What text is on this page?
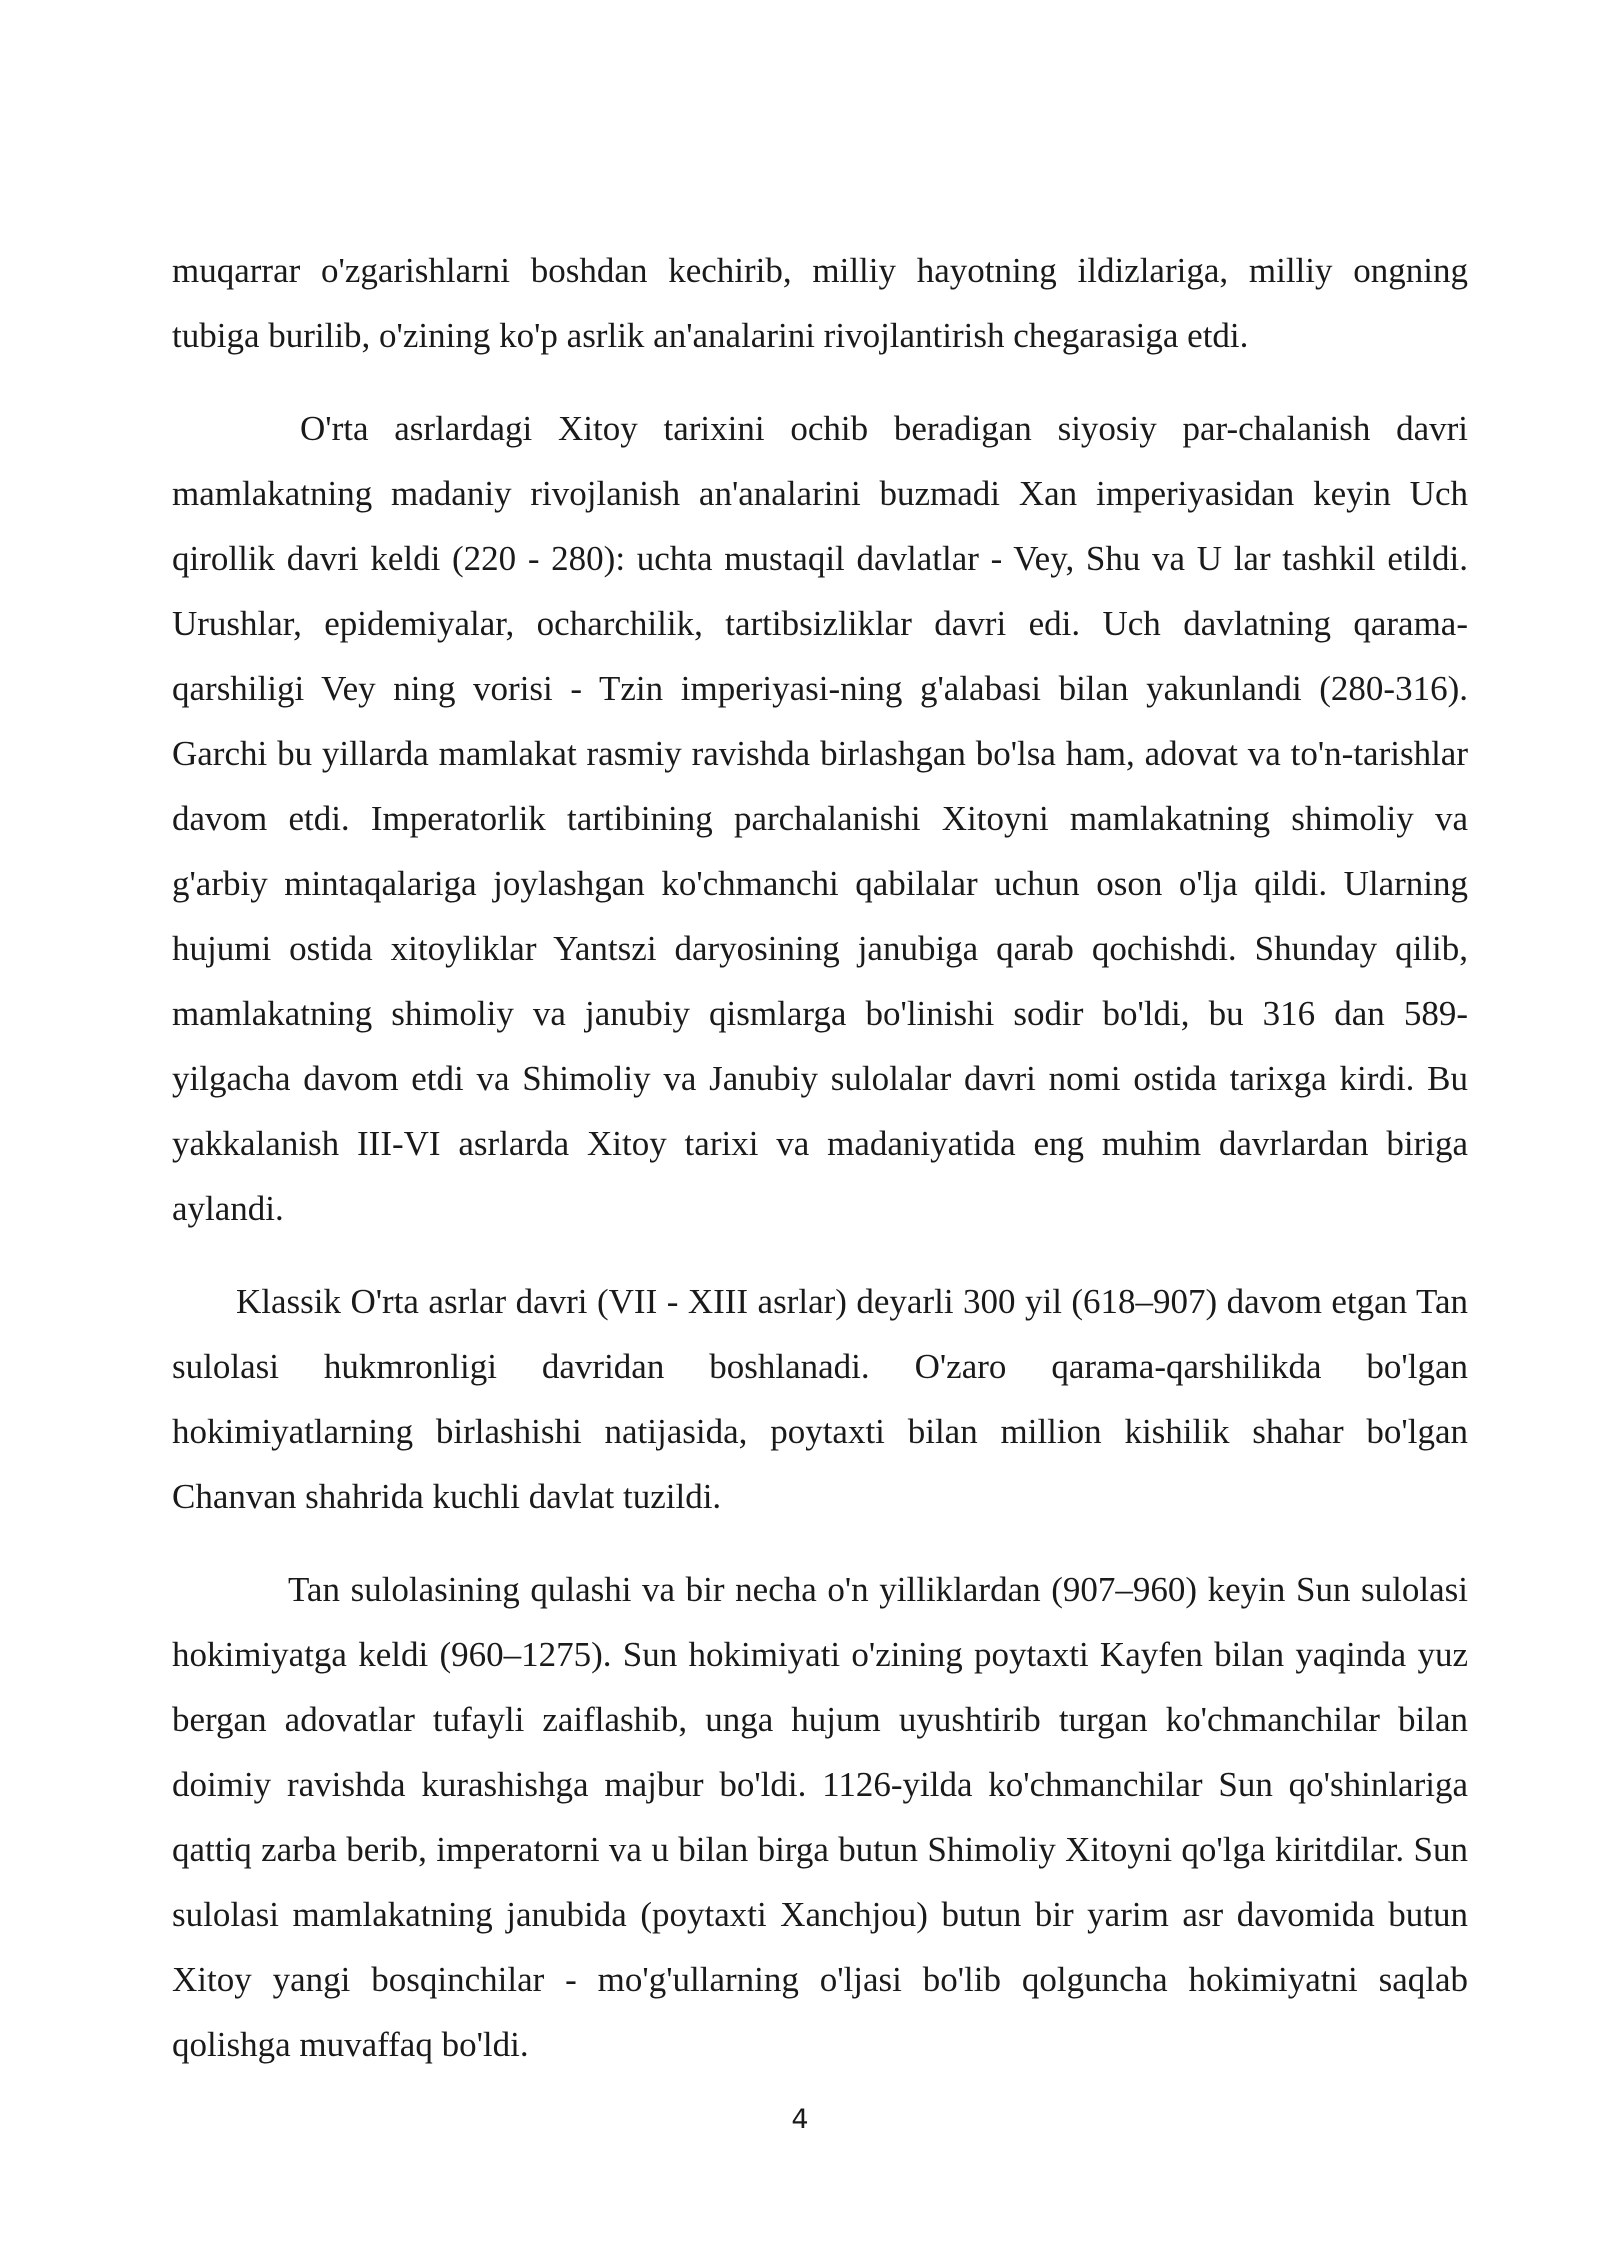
muqarrar o'zgarishlarni boshdan kechirib, milliy hayotning ildizlariga, milliy ongning tubiga burilib, o'zining ko'p asrlik an'analarini rivojlantirish chegarasiga etdi.

O'rta asrlardagi Xitoy tarixini ochib beradigan siyosiy par-chalanish davri mamlakatning madaniy rivojlanish an'analarini buzmadi Xan imperiyasidan keyin Uch qirollik davri keldi (220 - 280): uchta mustaqil davlatlar - Vey, Shu va U lar tashkil etildi. Urushlar, epidemiyalar, ocharchilik, tartibsizliklar davri edi. Uch davlatning qarama-qarshiligi Vey ning vorisi - Tzin imperiyasi-ning g'alabasi bilan yakunlandi (280-316). Garchi bu yillarda mamlakat rasmiy ravishda birlashgan bo'lsa ham, adovat va to'n-tarishlar davom etdi. Imperatorlik tartibining parchalanishi Xitoyni mamlakatning shimoliy va g'arbiy mintaqalariga joylashgan ko'chmanchi qabilalar uchun oson o'lja qildi. Ularning hujumi ostida xitoyliklar Yantszi daryosining janubiga qarab qochishdi. Shunday qilib, mamlakatning shimoliy va janubiy qismlarga bo'linishi sodir bo'ldi, bu 316 dan 589-yilgacha davom etdi va Shimoliy va Janubiy sulolalar davri nomi ostida tarixga kirdi. Bu yakkalanish III-VI asrlarda Xitoy tarixi va madaniyatida eng muhim davrlardan biriga aylandi.

Klassik O'rta asrlar davri (VII - XIII asrlar) deyarli 300 yil (618–907) davom etgan Tan sulolasi hukmronligi davridan boshlanadi. O'zaro qarama-qarshilikda bo'lgan hokimiyatlarning birlashishi natijasida, poytaxti bilan million kishilik shahar bo'lgan Chanvan shahrida kuchli davlat tuzildi.

Tan sulolasining qulashi va bir necha o'n yilliklardan (907–960) keyin Sun sulolasi hokimiyatga keldi (960–1275). Sun hokimiyati o'zining poytaxti Kayfen bilan yaqinda yuz bergan adovatlar tufayli zaiflashib, unga hujum uyushtirib turgan ko'chmanchilar bilan doimiy ravishda kurashishga majbur bo'ldi. 1126-yilda ko'chmanchilar Sun qo'shinlariga qattiq zarba berib, imperatorni va u bilan birga butun Shimoliy Xitoyni qo'lga kiritdilar. Sun sulolasi mamlakatning janubida (poytaxti Xanchjou) butun bir yarim asr davomida butun Xitoy yangi bosqinchilar - mo'g'ullarning o'ljasi bo'lib qolguncha hokimiyatni saqlab qolishga muvaffaq bo'ldi.

4
